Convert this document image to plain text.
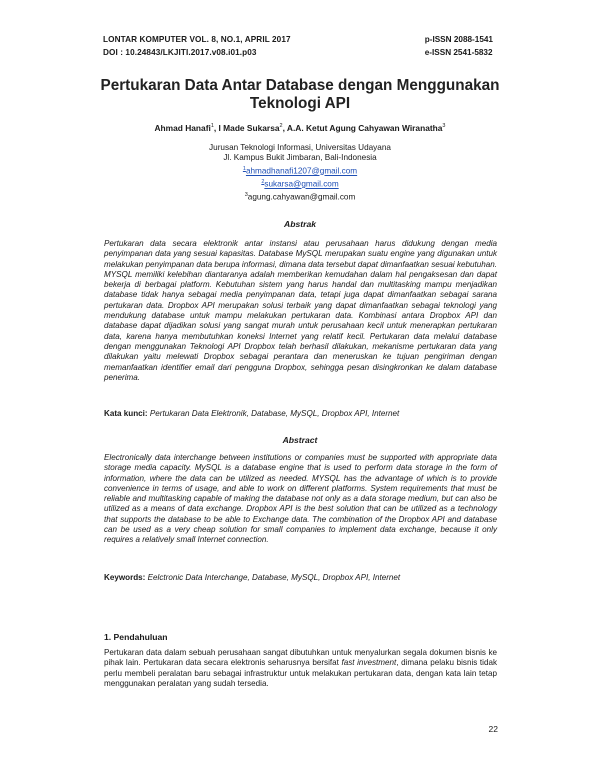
LONTAR KOMPUTER VOL. 8, NO.1, APRIL 2017
DOI : 10.24843/LKJITI.2017.v08.i01.p03
p-ISSN 2088-1541
e-ISSN 2541-5832
Pertukaran Data Antar Database dengan Menggunakan Teknologi API
Ahmad Hanafi$^1$, I Made Sukarsa$^2$, A.A. Ketut Agung Cahyawan Wiranatha$^3$
Jurusan Teknologi Informasi, Universitas Udayana
Jl. Kampus Bukit Jimbaran, Bali-Indonesia
$^1$ahmadhanafi1207@gmail.com
$^2$sukarsa@gmail.com
$^3$agung.cahyawan@gmail.com
Abstrak

Pertukaran data secara elektronik antar instansi atau perusahaan harus didukung dengan media penyimpanan data yang sesuai kapasitas. Database MySQL merupakan suatu engine yang digunakan untuk melakukan penyimpanan data berupa informasi, dimana data tersebut dapat dimanfaatkan sesuai kebutuhan. MYSQL memiliki kelebihan diantaranya adalah memberikan kemudahan dalam hal pengaksesan dan dapat bekerja di berbagai platform. Kebutuhan sistem yang harus handal dan multitasking mampu menjadikan database tidak hanya sebagai media penyimpanan data, tetapi juga dapat dimanfaatkan sebagai sarana pertukaran data. Dropbox API merupakan solusi terbaik yang dapat dimanfaatkan sebagai teknologi yang mendukung database untuk mampu melakukan pertukaran data. Kombinasi antara Dropbox API dan database dapat dijadikan solusi yang sangat murah untuk perusahaan kecil untuk menerapkan pertukaran data, karena hanya membutuhkan koneksi Internet yang relatif kecil. Pertukaran data melalui database dengan menggunakan Teknologi API Dropbox telah berhasil dilakukan, mekanisme pertukaran data yang dilakukan yaitu melewati Dropbox sebagai perantara dan meneruskan ke tujuan pengiriman dengan memanfaatkan identifier email dari pengguna Dropbox, sehingga pesan disingkronkan ke dalam database penerima.

Kata kunci: Pertukaran Data Elektronik, Database, MySQL, Dropbox API, Internet
Abstract

Electronically data interchange between institutions or companies must be supported with appropriate data storage media capacity. MySQL is a database engine that is used to perform data storage in the form of information, where the data can be utilized as needed. MYSQL has the advantage of which is to provide convenience in terms of usage, and able to work on different platforms. System requirements that must be reliable and multitasking capable of making the database not only as a data storage medium, but can also be utilized as a means of data exchange. Dropbox API is the best solution that can be utilized as a technology that supports the database to be able to Exchange data. The combination of the Dropbox API and database can be used as a very cheap solution for small companies to implement data exchange, because it only requires a relatively small Internet connection.

Keywords: Eelctronic Data Interchange, Database, MySQL, Dropbox API, Internet
1. Pendahuluan

Pertukaran data dalam sebuah perusahaan sangat dibutuhkan untuk menyalurkan segala dokumen bisnis ke pihak lain. Pertukaran data secara elektronis seharusnya bersifat fast investment, dimana pelaku bisnis tidak perlu membeli peralatan baru sebagai infrastruktur untuk melakukan pertukaran data, dengan kata lain tetap menggunakan peralatan yang sudah tersedia.

22
